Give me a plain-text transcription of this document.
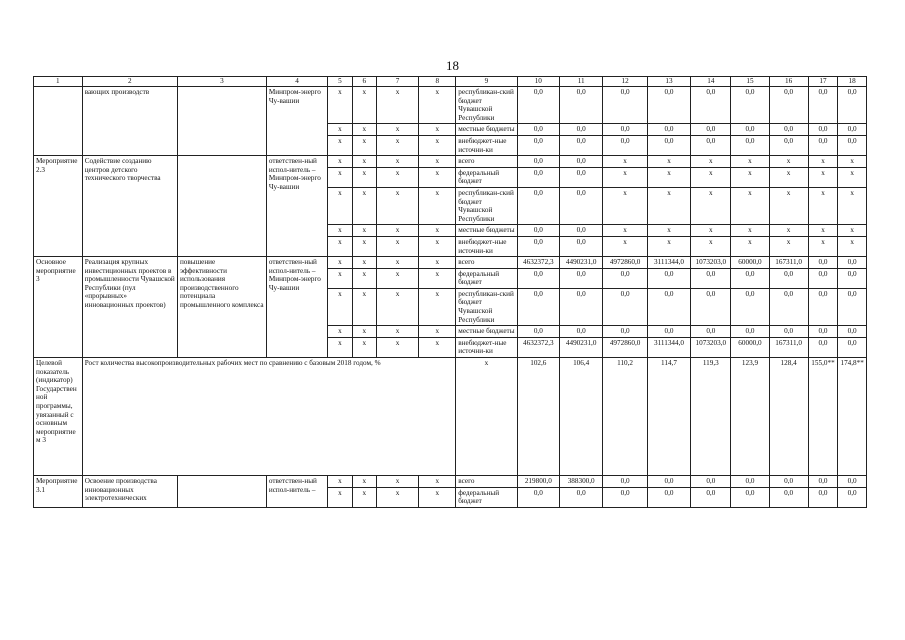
18
1	2	3	4	5	6	7	8	9	10	11	12	13	14	15	16	17	18
	вающих производств		Минпром-энерго Чу-вашии	х	х	х	х	республикан-ский бюджет Чувашской Республики	0,0	0,0	0,0	0,0	0,0	0,0	0,0	0,0	0,0
				х	х	х	х	местные бюджеты	0,0	0,0	0,0	0,0	0,0	0,0	0,0	0,0	0,0
				х	х	х	х	внебюджет-ные источни-ки	0,0	0,0	0,0	0,0	0,0	0,0	0,0	0,0	0,0
Мероприятие 2.3	Содействие созданию центров детского технического творчества		ответствен-ный испол-нитель – Минпром-энерго Чу-вашии	х	х	х	х	всего	0,0	0,0	х	х	х	х	х	х	х
				х	х	х	х	федеральный бюджет	0,0	0,0	х	х	х	х	х	х	х
				х	х	х	х	республикан-ский бюджет Чувашской Республики	0,0	0,0	х	х	х	х	х	х	х
				х	х	х	х	местные бюджеты	0,0	0,0	х	х	х	х	х	х	х
				х	х	х	х	внебюджет-ные источни-ки	0,0	0,0	х	х	х	х	х	х	х
Основное мероприятие 3	Реализация крупных инвестиционных проектов в промышленности Чувашской Республики (пул «прорывных» инновационных проектов)	повышение эффективности использования производственного потенциала промышленного комплекса	ответствен-ный испол-нитель – Минпром-энерго Чу-вашии	х	х	х	х	всего	4632372,3	4490231,0	4972860,0	3111344,0	1073203,0	60000,0	167311,0	0,0	0,0
				х	х	х	х	федеральный бюджет	0,0	0,0	0,0	0,0	0,0	0,0	0,0	0,0	0,0
				х	х	х	х	республикан-ский бюджет Чувашской Республики	0,0	0,0	0,0	0,0	0,0	0,0	0,0	0,0	0,0
				х	х	х	х	местные бюджеты	0,0	0,0	0,0	0,0	0,0	0,0	0,0	0,0	0,0
				х	х	х	х	внебюджет-ные источни-ки	4632372,3	4490231,0	4972860,0	3111344,0	1073203,0	60000,0	167311,0	0,0	0,0
Целевой показатель (индикатор) Государственной программы, увязанный с основным мероприятием 3	Рост количества высокопроизводительных рабочих мест по сравнению с базовым 2018 годом, %							х	102,6	106,4	110,2	114,7	119,3	123,9	128,4	155,0**	174,8**
Мероприятие 3.1	Освоение производства инновационных электротехнических		ответствен-ный испол-нитель –	х	х	х	х	всего	219800,0	388300,0	0,0	0,0	0,0	0,0	0,0	0,0	0,0
				х	х	х	х	федеральный бюджет	0,0	0,0	0,0	0,0	0,0	0,0	0,0	0,0	0,0
